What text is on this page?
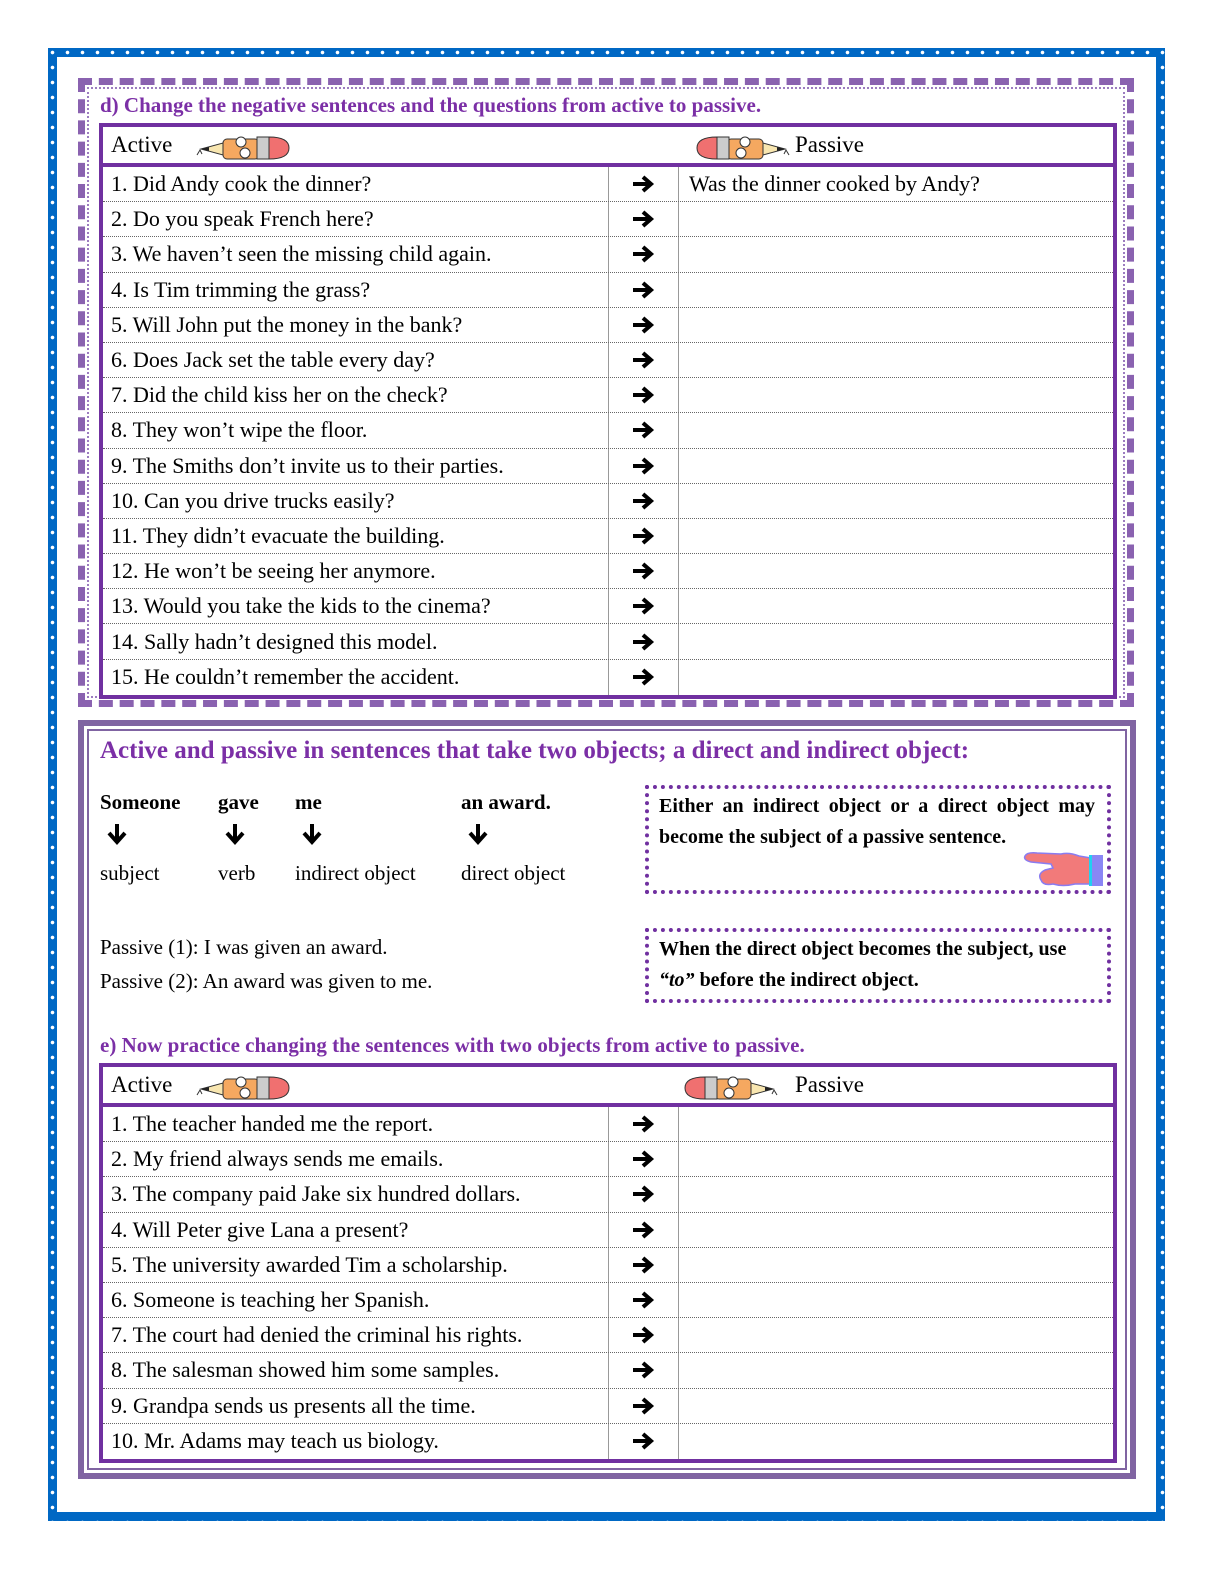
d) Change the negative sentences and the questions from active to passive.
Active	Passive
1. Did Andy cook the dinner?	Was the dinner cooked by Andy?
2. Do you speak French here?
3. We haven’t seen the missing child again.
4. Is Tim trimming the grass?
5. Will John put the money in the bank?
6. Does Jack set the table every day?
7. Did the child kiss her on the check?
8. They won’t wipe the floor.
9. The Smiths don’t invite us to their parties.
10. Can you drive trucks easily?
11. They didn’t evacuate the building.
12. He won’t be seeing her anymore.
13. Would you take the kids to the cinema?
14. Sally hadn’t designed this model.
15. He couldn’t remember the accident.
Active and passive in sentences that take two objects; a direct and indirect object:
Someone
subject
gave
verb
me
indirect object
an award.
direct object
Passive (1): I was given an award.
Passive (2): An award was given to me.
Either an indirect object or a direct object may become the subject of a passive sentence.
When the direct object becomes the subject, use “to” before the indirect object.
e) Now practice changing the sentences with two objects from active to passive.
Active	Passive
1. The teacher handed me the report.
2. My friend always sends me emails.
3. The company paid Jake six hundred dollars.
4. Will Peter give Lana a present?
5. The university awarded Tim a scholarship.
6. Someone is teaching her Spanish.
7. The court had denied the criminal his rights.
8. The salesman showed him some samples.
9. Grandpa sends us presents all the time.
10. Mr. Adams may teach us biology.
